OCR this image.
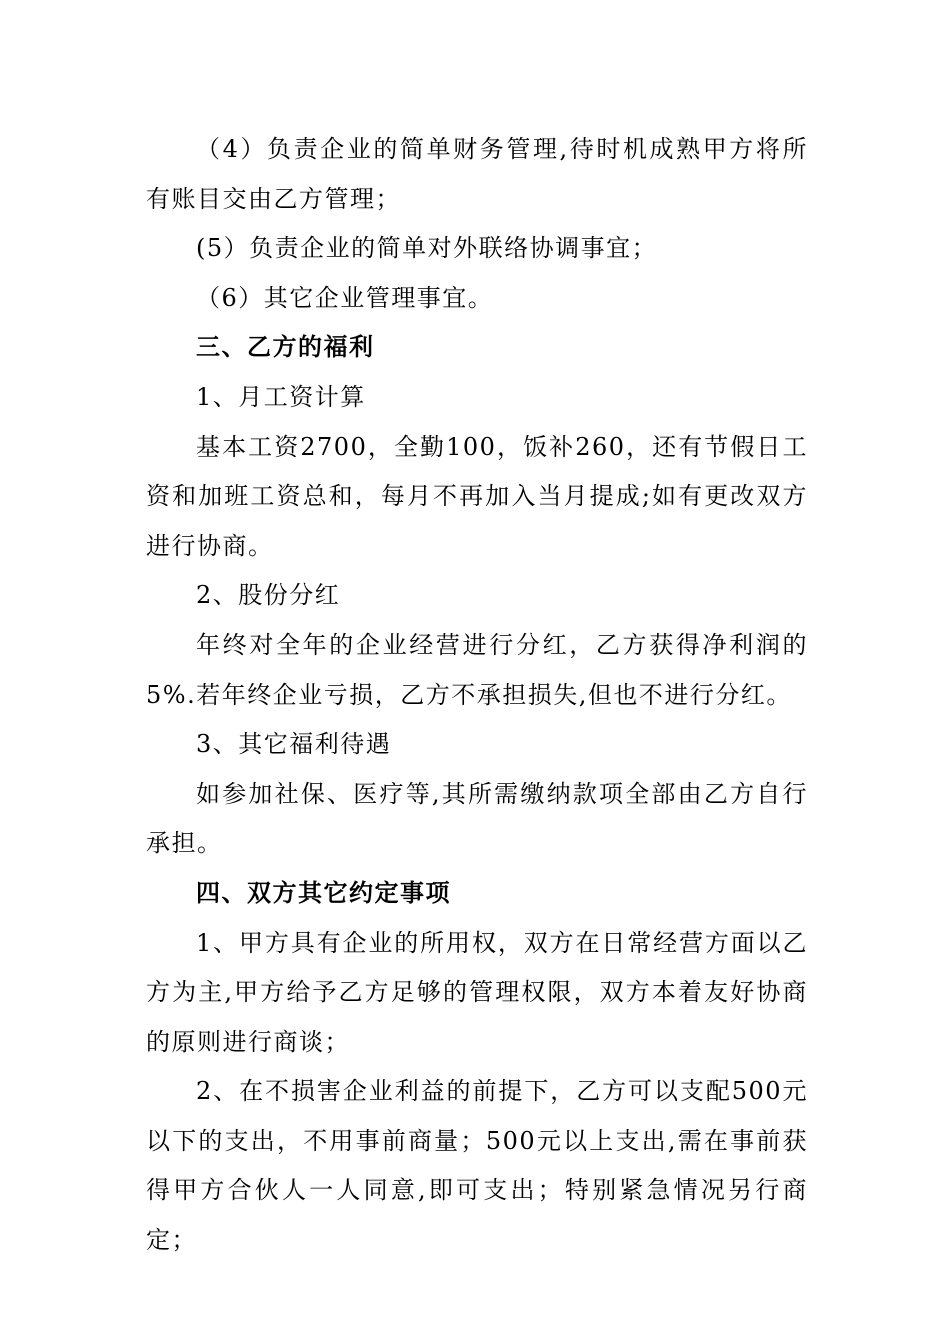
（4）负责企业的简单财务管理,待时机成熟甲方将所有账目交由乙方管理；

(5）负责企业的简单对外联络协调事宜；

（6）其它企业管理事宜。

三、乙方的福利

1、月工资计算

基本工资2700，全勤100，饭补260，还有节假日工资和加班工资总和，每月不再加入当月提成;如有更改双方进行协商。

2、股份分红

年终对全年的企业经营进行分红，乙方获得净利润的5%.若年终企业亏损，乙方不承担损失,但也不进行分红。

3、其它福利待遇

如参加社保、医疗等,其所需缴纳款项全部由乙方自行承担。

四、双方其它约定事项

1、甲方具有企业的所用权，双方在日常经营方面以乙方为主,甲方给予乙方足够的管理权限，双方本着友好协商的原则进行商谈；

2、在不损害企业利益的前提下，乙方可以支配500元以下的支出，不用事前商量；500元以上支出,需在事前获得甲方合伙人一人同意,即可支出；特别紧急情况另行商定；
